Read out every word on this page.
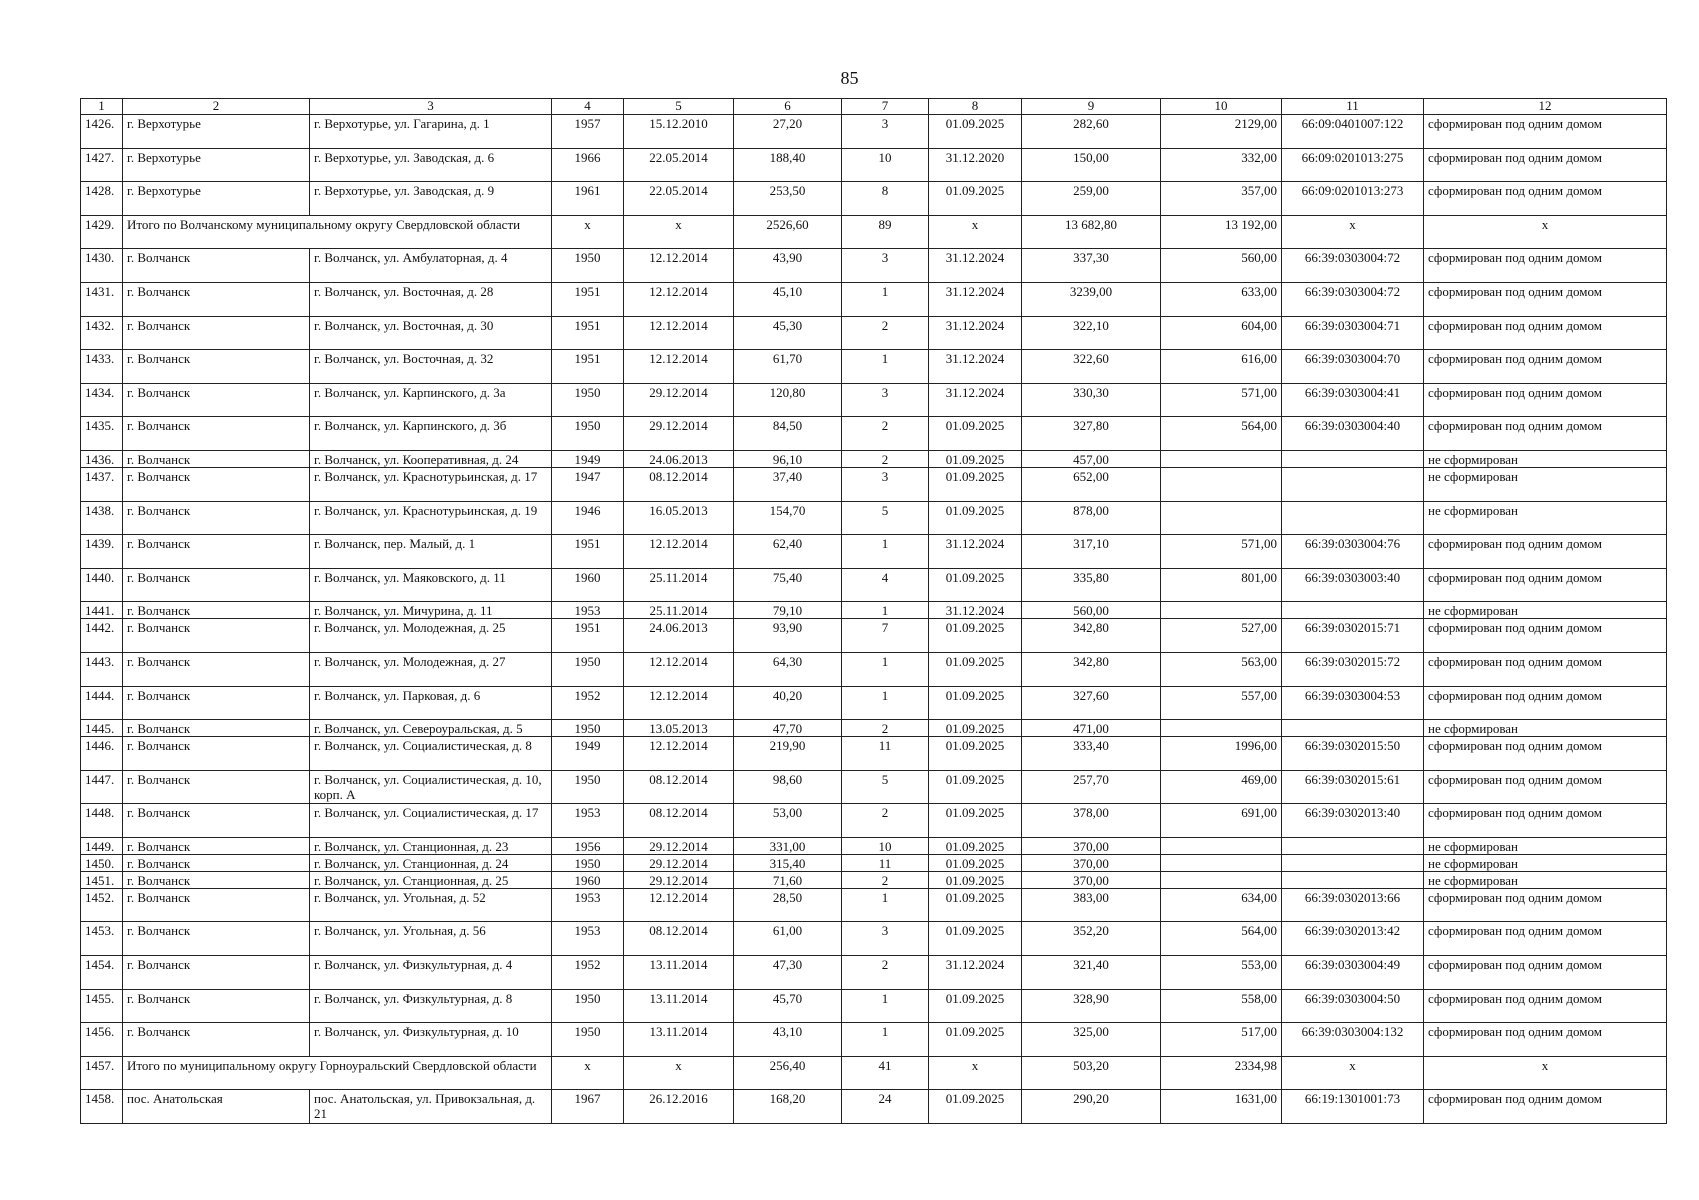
85
1	2	3	4	5	6	7	8	9	10	11	12
1426.	г. Верхотурье	г. Верхотурье, ул. Гагарина, д. 1	1957	15.12.2010	27,20	3	01.09.2025	282,60	2129,00	66:09:0401007:122	сформирован под одним домом
1427.	г. Верхотурье	г. Верхотурье, ул. Заводская, д. 6	1966	22.05.2014	188,40	10	31.12.2020	150,00	332,00	66:09:0201013:275	сформирован под одним домом
1428.	г. Верхотурье	г. Верхотурье, ул. Заводская, д. 9	1961	22.05.2014	253,50	8	01.09.2025	259,00	357,00	66:09:0201013:273	сформирован под одним домом
1429.	Итого по Волчанскому муниципальному округу Свердловской области		x	x	2526,60	89	x	13 682,80	13 192,00	x	x
1430.	г. Волчанск	г. Волчанск, ул. Амбулаторная, д. 4	1950	12.12.2014	43,90	3	31.12.2024	337,30	560,00	66:39:0303004:72	сформирован под одним домом
1431.	г. Волчанск	г. Волчанск, ул. Восточная, д. 28	1951	12.12.2014	45,10	1	31.12.2024	3239,00	633,00	66:39:0303004:72	сформирован под одним домом
1432.	г. Волчанск	г. Волчанск, ул. Восточная, д. 30	1951	12.12.2014	45,30	2	31.12.2024	322,10	604,00	66:39:0303004:71	сформирован под одним домом
1433.	г. Волчанск	г. Волчанск, ул. Восточная, д. 32	1951	12.12.2014	61,70	1	31.12.2024	322,60	616,00	66:39:0303004:70	сформирован под одним домом
1434.	г. Волчанск	г. Волчанск, ул. Карпинского, д. 3а	1950	29.12.2014	120,80	3	31.12.2024	330,30	571,00	66:39:0303004:41	сформирован под одним домом
1435.	г. Волчанск	г. Волчанск, ул. Карпинского, д. 3б	1950	29.12.2014	84,50	2	01.09.2025	327,80	564,00	66:39:0303004:40	сформирован под одним домом
1436.	г. Волчанск	г. Волчанск, ул. Кооперативная, д. 24	1949	24.06.2013	96,10	2	01.09.2025	457,00			не сформирован
1437.	г. Волчанск	г. Волчанск, ул. Краснотурьинская, д. 17	1947	08.12.2014	37,40	3	01.09.2025	652,00			не сформирован
1438.	г. Волчанск	г. Волчанск, ул. Краснотурьинская, д. 19	1946	16.05.2013	154,70	5	01.09.2025	878,00			не сформирован
1439.	г. Волчанск	г. Волчанск, пер. Малый, д. 1	1951	12.12.2014	62,40	1	31.12.2024	317,10	571,00	66:39:0303004:76	сформирован под одним домом
1440.	г. Волчанск	г. Волчанск, ул. Маяковского, д. 11	1960	25.11.2014	75,40	4	01.09.2025	335,80	801,00	66:39:0303003:40	сформирован под одним домом
1441.	г. Волчанск	г. Волчанск, ул. Мичурина, д. 11	1953	25.11.2014	79,10	1	31.12.2024	560,00			не сформирован
1442.	г. Волчанск	г. Волчанск, ул. Молодежная, д. 25	1951	24.06.2013	93,90	7	01.09.2025	342,80	527,00	66:39:0302015:71	сформирован под одним домом
1443.	г. Волчанск	г. Волчанск, ул. Молодежная, д. 27	1950	12.12.2014	64,30	1	01.09.2025	342,80	563,00	66:39:0302015:72	сформирован под одним домом
1444.	г. Волчанск	г. Волчанск, ул. Парковая, д. 6	1952	12.12.2014	40,20	1	01.09.2025	327,60	557,00	66:39:0303004:53	сформирован под одним домом
1445.	г. Волчанск	г. Волчанск, ул. Североуральская, д. 5	1950	13.05.2013	47,70	2	01.09.2025	471,00			не сформирован
1446.	г. Волчанск	г. Волчанск, ул. Социалистическая, д. 8	1949	12.12.2014	219,90	11	01.09.2025	333,40	1996,00	66:39:0302015:50	сформирован под одним домом
1447.	г. Волчанск	г. Волчанск, ул. Социалистическая, д. 10, корп. А	1950	08.12.2014	98,60	5	01.09.2025	257,70	469,00	66:39:0302015:61	сформирован под одним домом
1448.	г. Волчанск	г. Волчанск, ул. Социалистическая, д. 17	1953	08.12.2014	53,00	2	01.09.2025	378,00	691,00	66:39:0302013:40	сформирован под одним домом
1449.	г. Волчанск	г. Волчанск, ул. Станционная, д. 23	1956	29.12.2014	331,00	10	01.09.2025	370,00			не сформирован
1450.	г. Волчанск	г. Волчанск, ул. Станционная, д. 24	1950	29.12.2014	315,40	11	01.09.2025	370,00			не сформирован
1451.	г. Волчанск	г. Волчанск, ул. Станционная, д. 25	1960	29.12.2014	71,60	2	01.09.2025	370,00			не сформирован
1452.	г. Волчанск	г. Волчанск, ул. Угольная, д. 52	1953	12.12.2014	28,50	1	01.09.2025	383,00	634,00	66:39:0302013:66	сформирован под одним домом
1453.	г. Волчанск	г. Волчанск, ул. Угольная, д. 56	1953	08.12.2014	61,00	3	01.09.2025	352,20	564,00	66:39:0302013:42	сформирован под одним домом
1454.	г. Волчанск	г. Волчанск, ул. Физкультурная, д. 4	1952	13.11.2014	47,30	2	31.12.2024	321,40	553,00	66:39:0303004:49	сформирован под одним домом
1455.	г. Волчанск	г. Волчанск, ул. Физкультурная, д. 8	1950	13.11.2014	45,70	1	01.09.2025	328,90	558,00	66:39:0303004:50	сформирован под одним домом
1456.	г. Волчанск	г. Волчанск, ул. Физкультурная, д. 10	1950	13.11.2014	43,10	1	01.09.2025	325,00	517,00	66:39:0303004:132	сформирован под одним домом
1457.	Итого по муниципальному округу Горноуральский Свердловской области		x	x	256,40	41	x	503,20	2334,98	x	x
1458.	пос. Анатольская	пос. Анатольская, ул. Привокзальная, д. 21	1967	26.12.2016	168,20	24	01.09.2025	290,20	1631,00	66:19:1301001:73	сформирован под одним домом
